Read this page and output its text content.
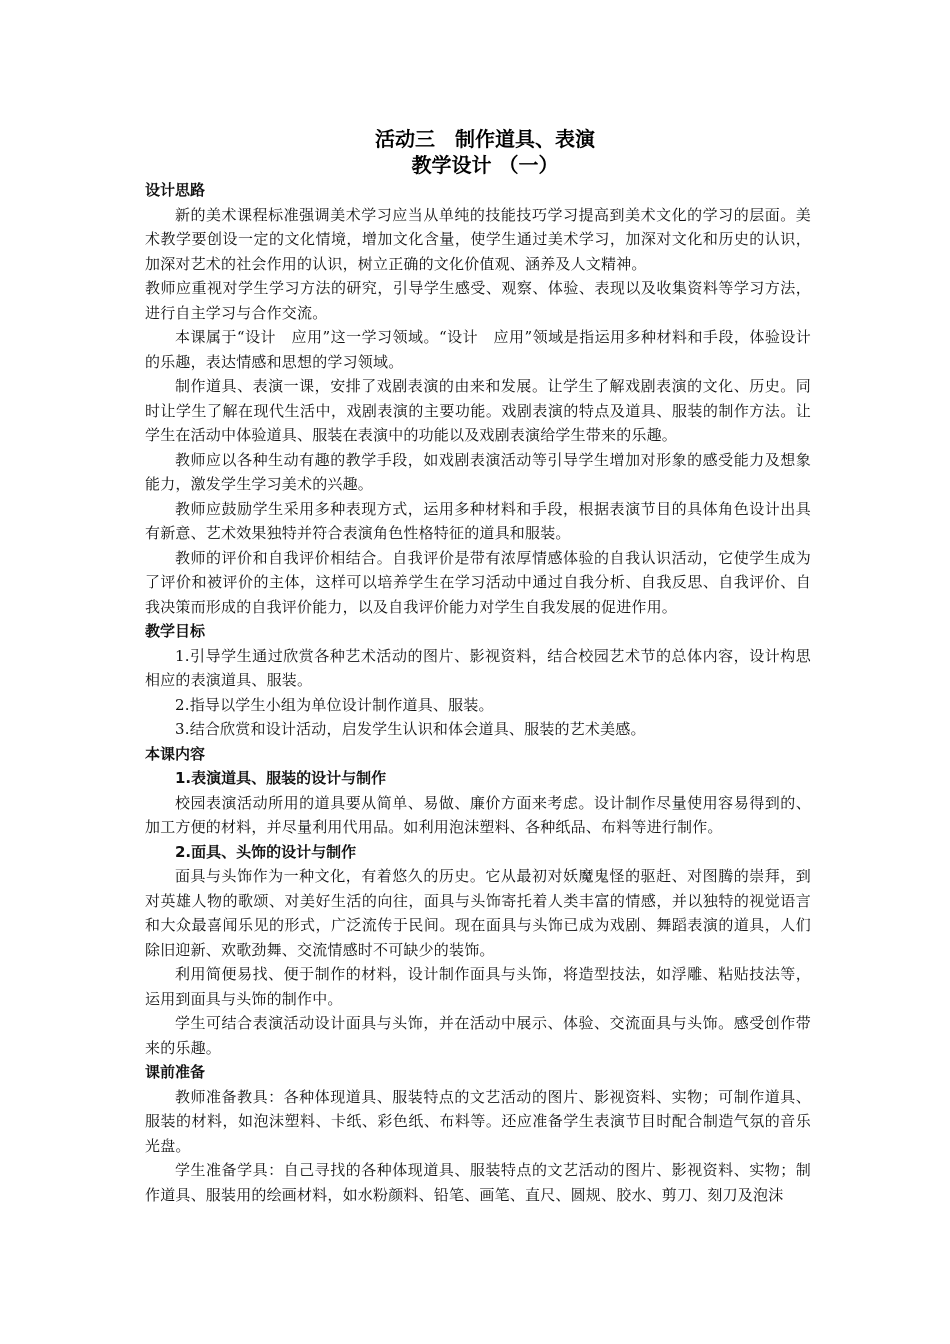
活动三　制作道具、表演
教学设计 （一）

设计思路

新的美术课程标准强调美术学习应当从单纯的技能技巧学习提高到美术文化的学习的层面。美术教学要创设一定的文化情境，增加文化含量，使学生通过美术学习，加深对文化和历史的认识，加深对艺术的社会作用的认识，树立正确的文化价值观、涵养及人文精神。

教师应重视对学生学习方法的研究，引导学生感受、观察、体验、表现以及收集资料等学习方法，进行自主学习与合作交流。

本课属于“设计　应用”这一学习领域。“设计　应用”领域是指运用多种材料和手段，体验设计的乐趣，表达情感和思想的学习领域。

制作道具、表演一课，安排了戏剧表演的由来和发展。让学生了解戏剧表演的文化、历史。同时让学生了解在现代生活中，戏剧表演的主要功能。戏剧表演的特点及道具、服装的制作方法。让学生在活动中体验道具、服装在表演中的功能以及戏剧表演给学生带来的乐趣。

教师应以各种生动有趣的教学手段，如戏剧表演活动等引导学生增加对形象的感受能力及想象能力，激发学生学习美术的兴趣。

教师应鼓励学生采用多种表现方式，运用多种材料和手段，根据表演节目的具体角色设计出具有新意、艺术效果独特并符合表演角色性格特征的道具和服装。

教师的评价和自我评价相结合。自我评价是带有浓厚情感体验的自我认识活动，它使学生成为了评价和被评价的主体，这样可以培养学生在学习活动中通过自我分析、自我反思、自我评价、自我决策而形成的自我评价能力，以及自我评价能力对学生自我发展的促进作用。

教学目标

1.引导学生通过欣赏各种艺术活动的图片、影视资料，结合校园艺术节的总体内容，设计构思相应的表演道具、服装。

2.指导以学生小组为单位设计制作道具、服装。

3.结合欣赏和设计活动，启发学生认识和体会道具、服装的艺术美感。

本课内容

1.表演道具、服装的设计与制作

校园表演活动所用的道具要从简单、易做、廉价方面来考虑。设计制作尽量使用容易得到的、加工方便的材料，并尽量利用代用品。如利用泡沫塑料、各种纸品、布料等进行制作。

2.面具、头饰的设计与制作

面具与头饰作为一种文化，有着悠久的历史。它从最初对妖魔鬼怪的驱赶、对图腾的崇拜，到对英雄人物的歌颂、对美好生活的向往，面具与头饰寄托着人类丰富的情感，并以独特的视觉语言和大众最喜闻乐见的形式，广泛流传于民间。现在面具与头饰已成为戏剧、舞蹈表演的道具，人们除旧迎新、欢歌劲舞、交流情感时不可缺少的装饰。

利用简便易找、便于制作的材料，设计制作面具与头饰，将造型技法，如浮雕、粘贴技法等，运用到面具与头饰的制作中。

学生可结合表演活动设计面具与头饰，并在活动中展示、体验、交流面具与头饰。感受创作带来的乐趣。

课前准备

教师准备教具：各种体现道具、服装特点的文艺活动的图片、影视资料、实物；可制作道具、服装的材料，如泡沫塑料、卡纸、彩色纸、布料等。还应准备学生表演节目时配合制造气氛的音乐光盘。

学生准备学具：自己寻找的各种体现道具、服装特点的文艺活动的图片、影视资料、实物；制作道具、服装用的绘画材料，如水粉颜料、铅笔、画笔、直尺、圆规、胶水、剪刀、刻刀及泡沫
